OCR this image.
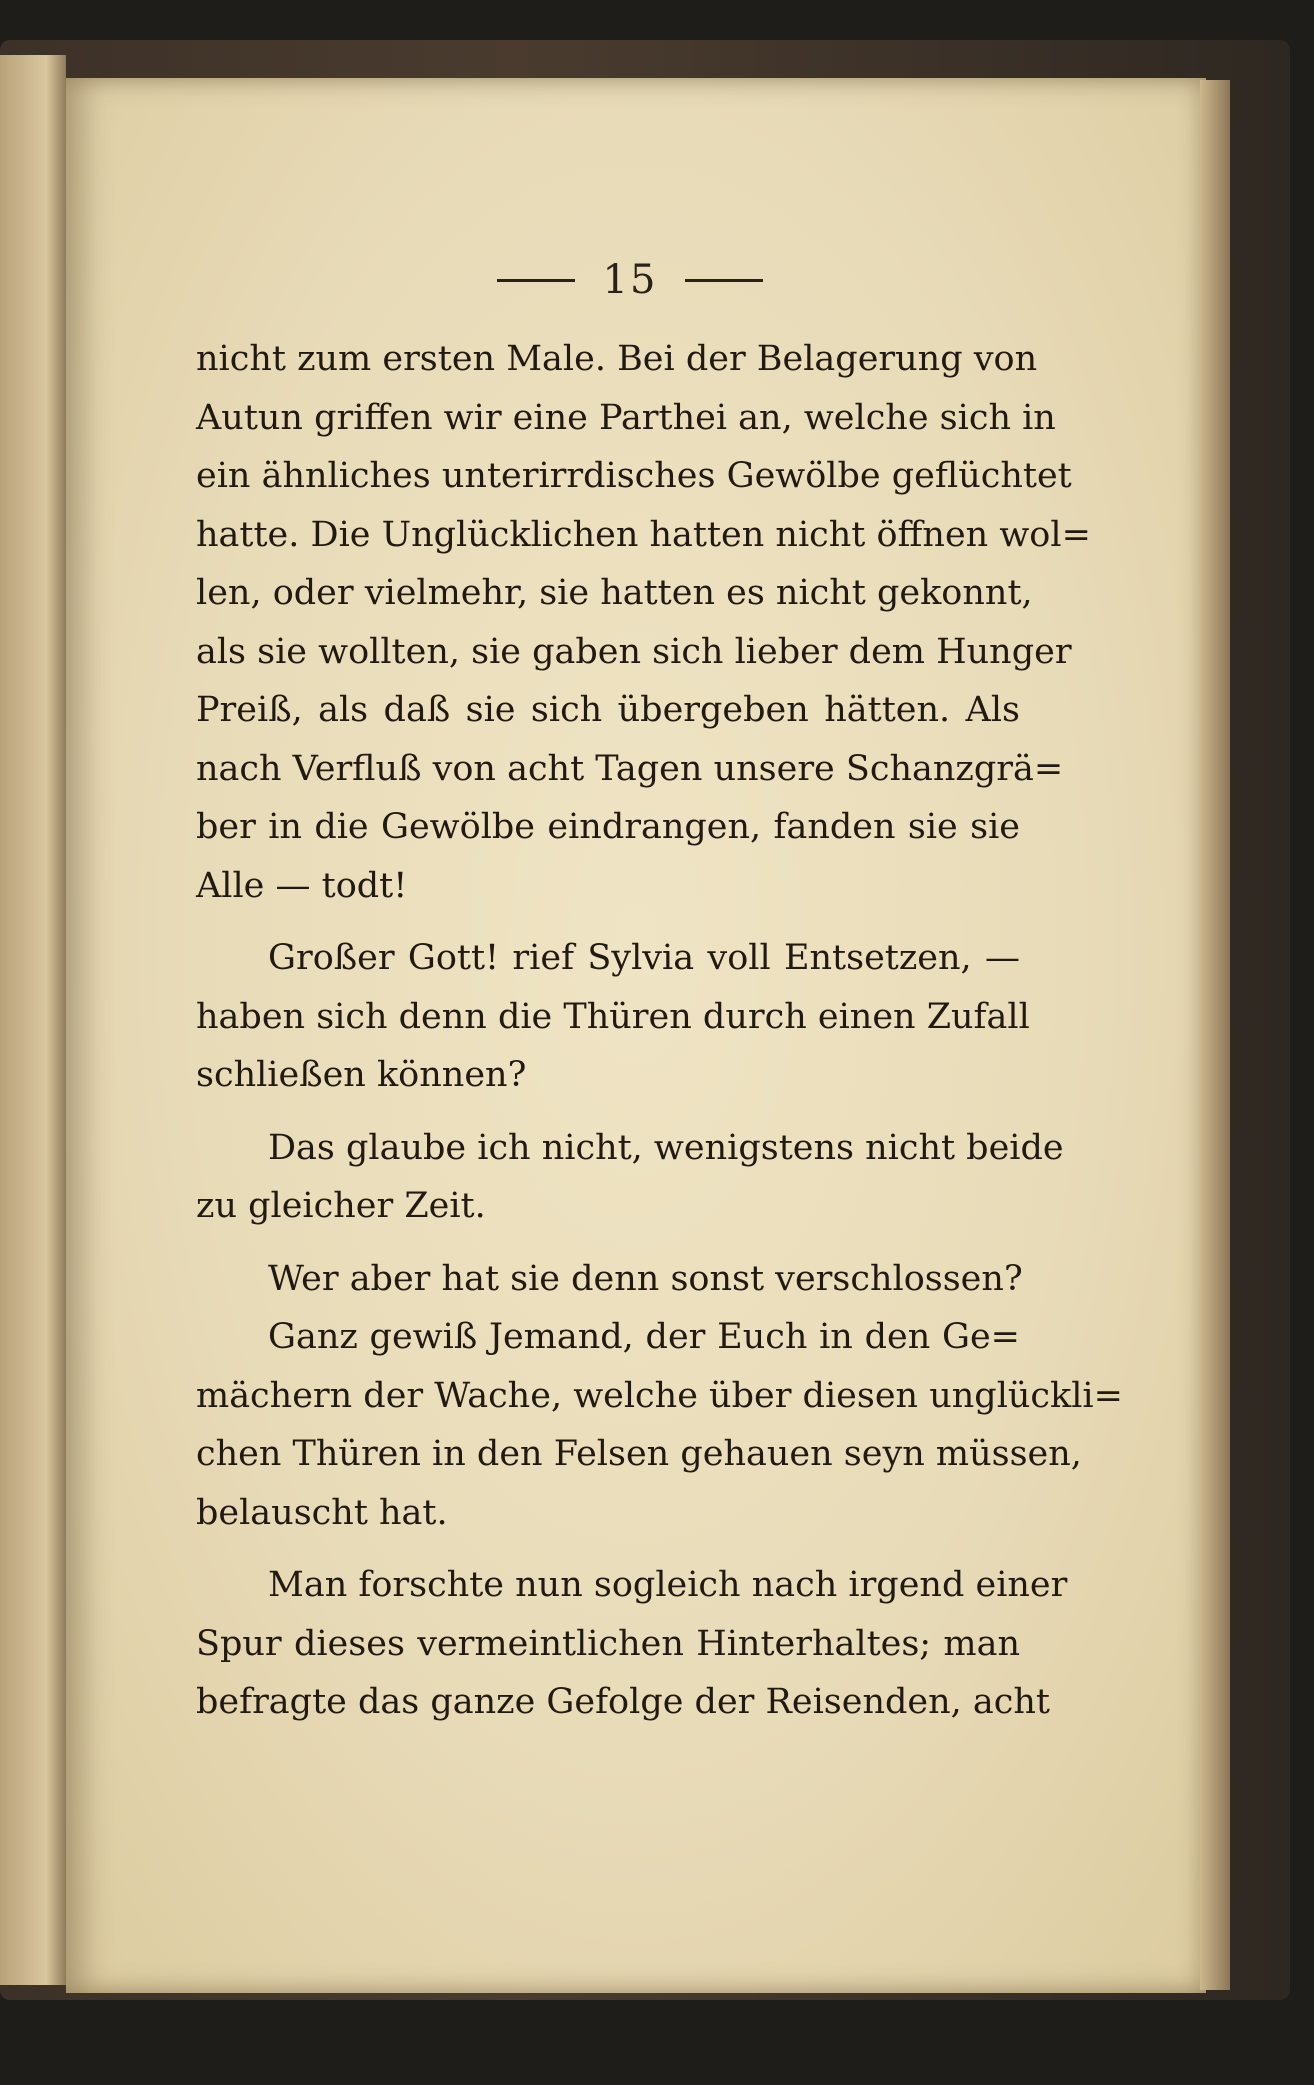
15
nicht zum ersten Male. Bei der Belagerung von
Autun griffen wir eine Parthei an, welche sich in
ein ähnliches unterirrdisches Gewölbe geflüchtet
hatte. Die Unglücklichen hatten nicht öffnen wol=
len, oder vielmehr, sie hatten es nicht gekonnt,
als sie wollten, sie gaben sich lieber dem Hunger
Preiß, als daß sie sich übergeben hätten. Als
nach Verfluß von acht Tagen unsere Schanzgrä=
ber in die Gewölbe eindrangen, fanden sie sie
Alle — todt!
Großer Gott! rief Sylvia voll Entsetzen, —
haben sich denn die Thüren durch einen Zufall
schließen können?
Das glaube ich nicht, wenigstens nicht beide
zu gleicher Zeit.
Wer aber hat sie denn sonst verschlossen?
Ganz gewiß Jemand, der Euch in den Ge=
mächern der Wache, welche über diesen unglückli=
chen Thüren in den Felsen gehauen seyn müssen,
belauscht hat.
Man forschte nun sogleich nach irgend einer
Spur dieses vermeintlichen Hinterhaltes; man
befragte das ganze Gefolge der Reisenden, acht
